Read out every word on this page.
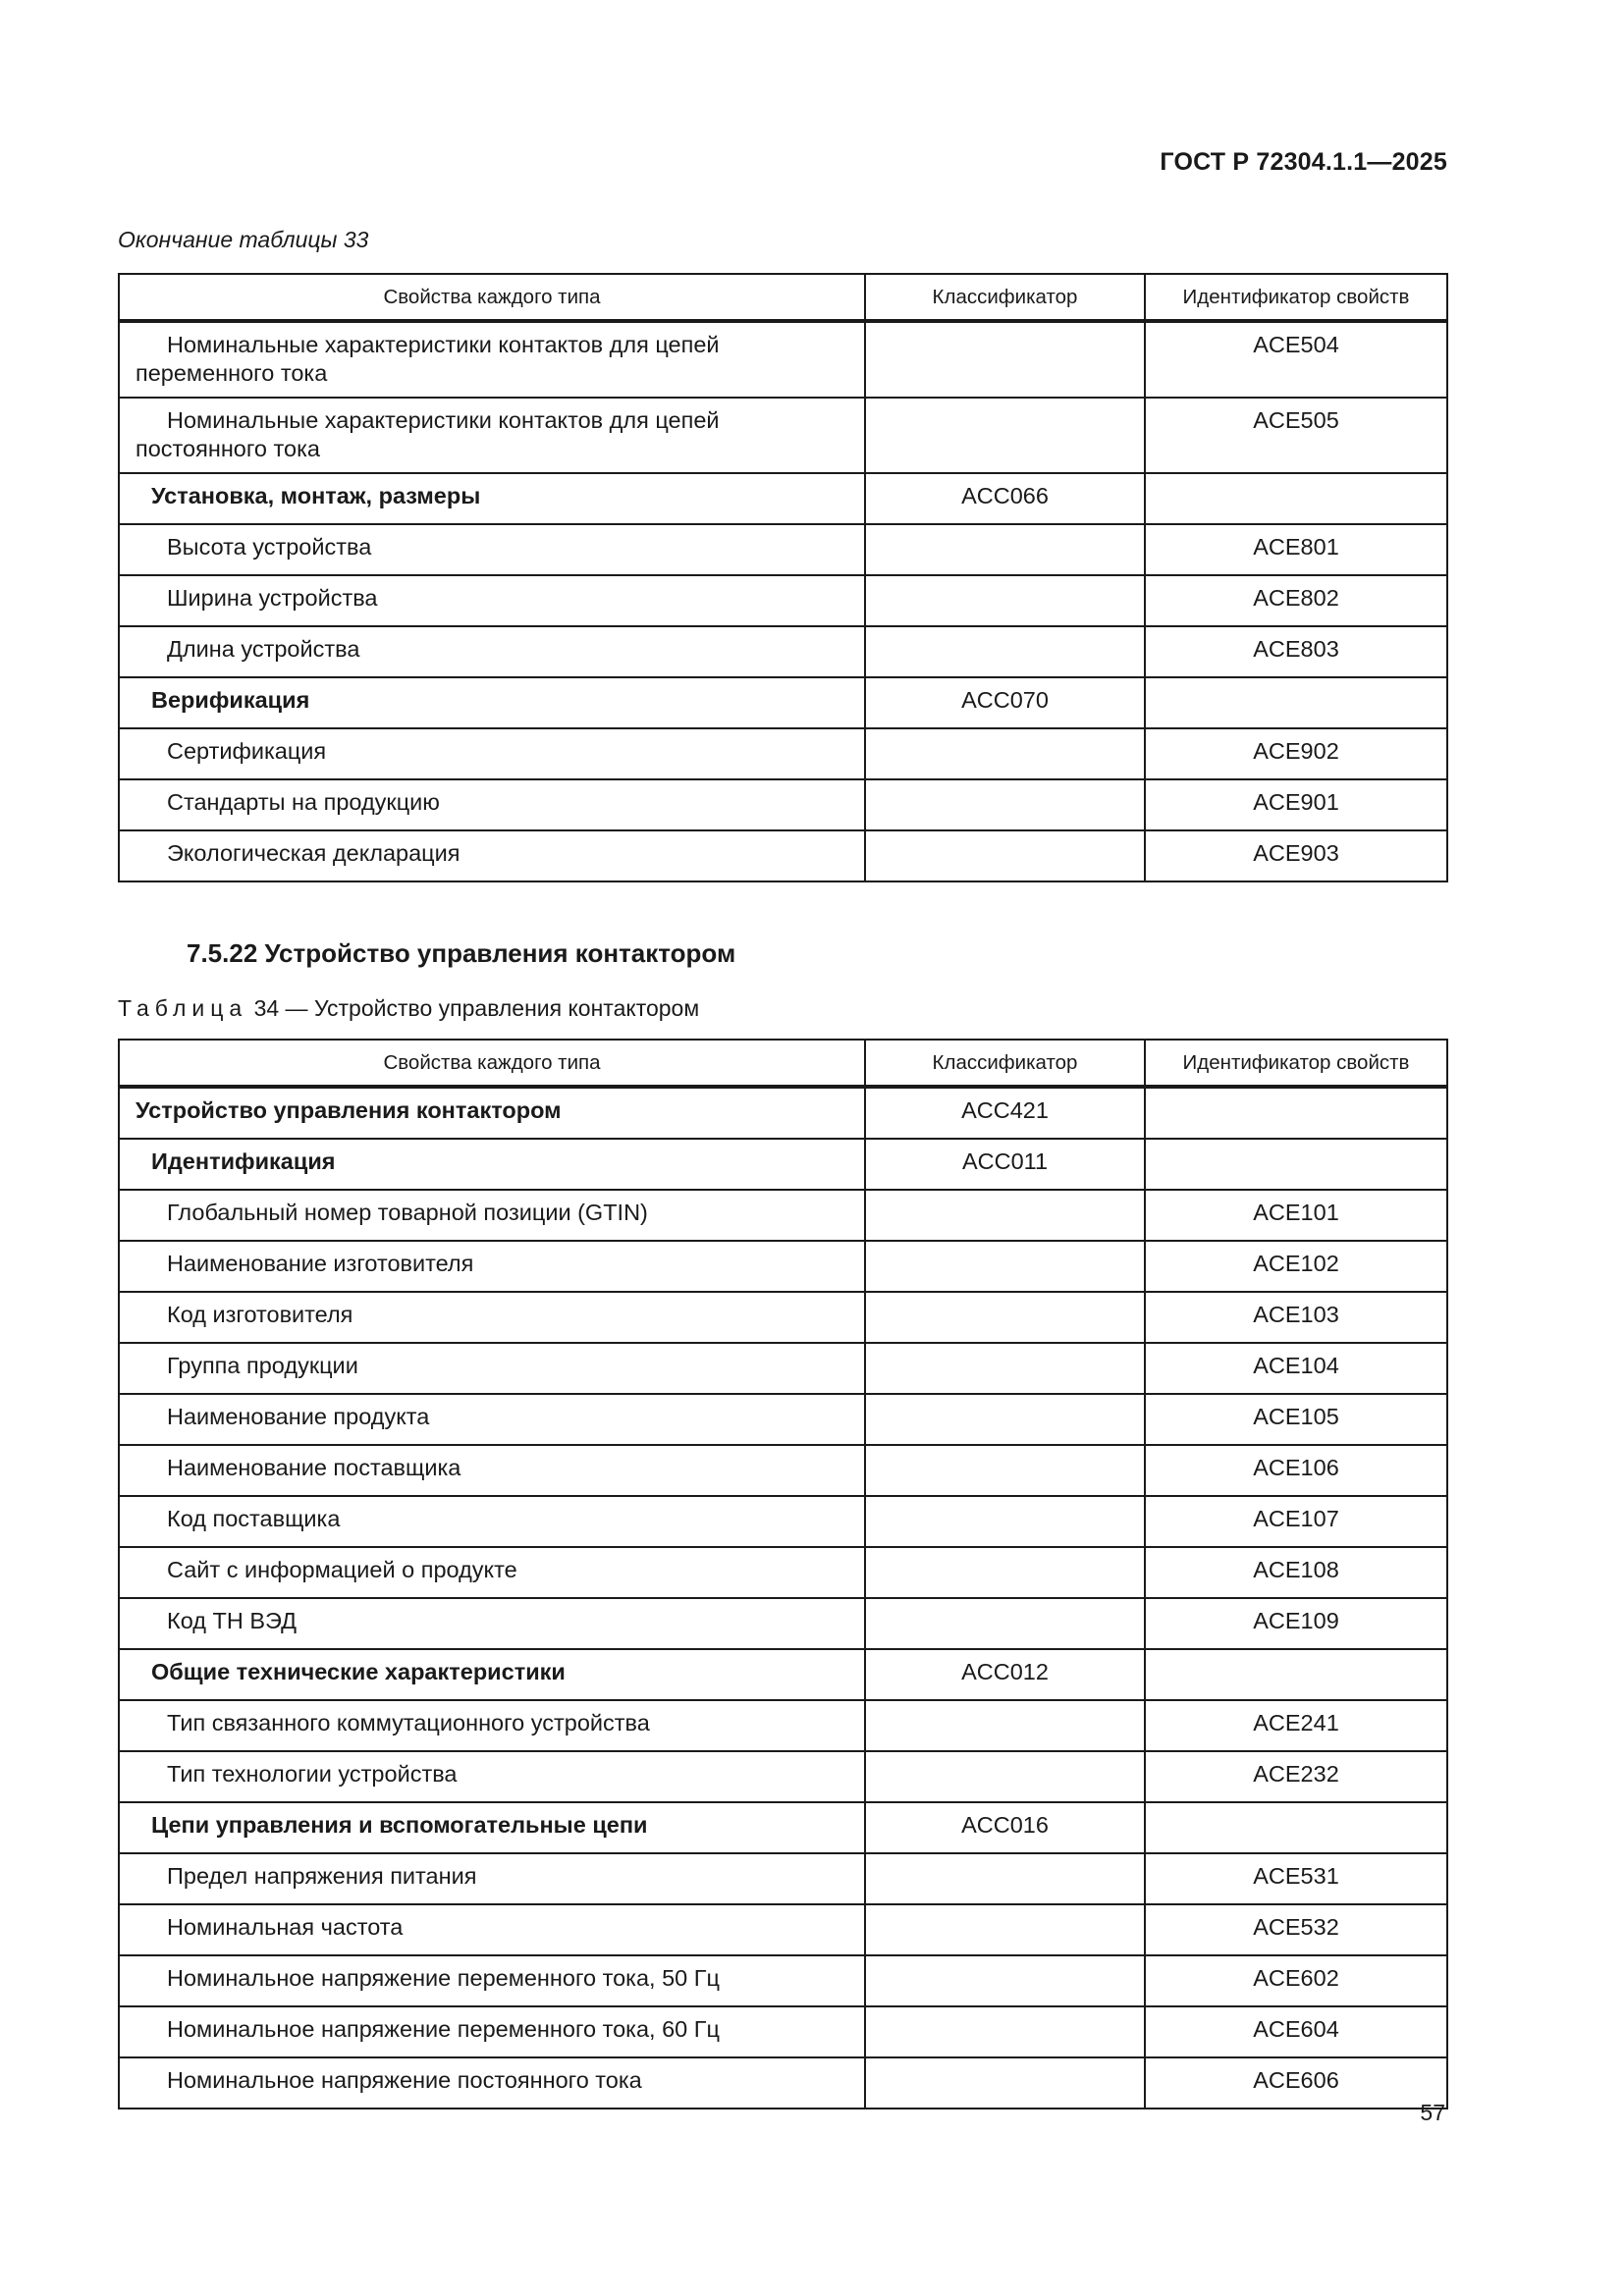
ГОСТ Р 72304.1.1—2025
Окончание таблицы 33
Свойства каждого типа	Классификатор	Идентификатор свойств
Номинальные характеристики контактов для цепей переменного тока		ACE504
Номинальные характеристики контактов для цепей постоянного тока		ACE505
Установка, монтаж, размеры	ACC066	
Высота устройства		ACE801
Ширина устройства		ACE802
Длина устройства		ACE803
Верификация	ACC070	
Сертификация		ACE902
Стандарты на продукцию		ACE901
Экологическая декларация		ACE903
7.5.22 Устройство управления контактором
Таблица 34 — Устройство управления контактором
Свойства каждого типа	Классификатор	Идентификатор свойств
Устройство управления контактором	ACC421	
Идентификация	ACC011	
Глобальный номер товарной позиции (GTIN)		ACE101
Наименование изготовителя		ACE102
Код изготовителя		ACE103
Группа продукции		ACE104
Наименование продукта		ACE105
Наименование поставщика		ACE106
Код поставщика		ACE107
Сайт с информацией о продукте		ACE108
Код ТН ВЭД		ACE109
Общие технические характеристики	ACC012	
Тип связанного коммутационного устройства		ACE241
Тип технологии устройства		ACE232
Цепи управления и вспомогательные цепи	ACC016	
Предел напряжения питания		ACE531
Номинальная частота		ACE532
Номинальное напряжение переменного тока, 50 Гц		ACE602
Номинальное напряжение переменного тока, 60 Гц		ACE604
Номинальное напряжение постоянного тока		ACE606
57
